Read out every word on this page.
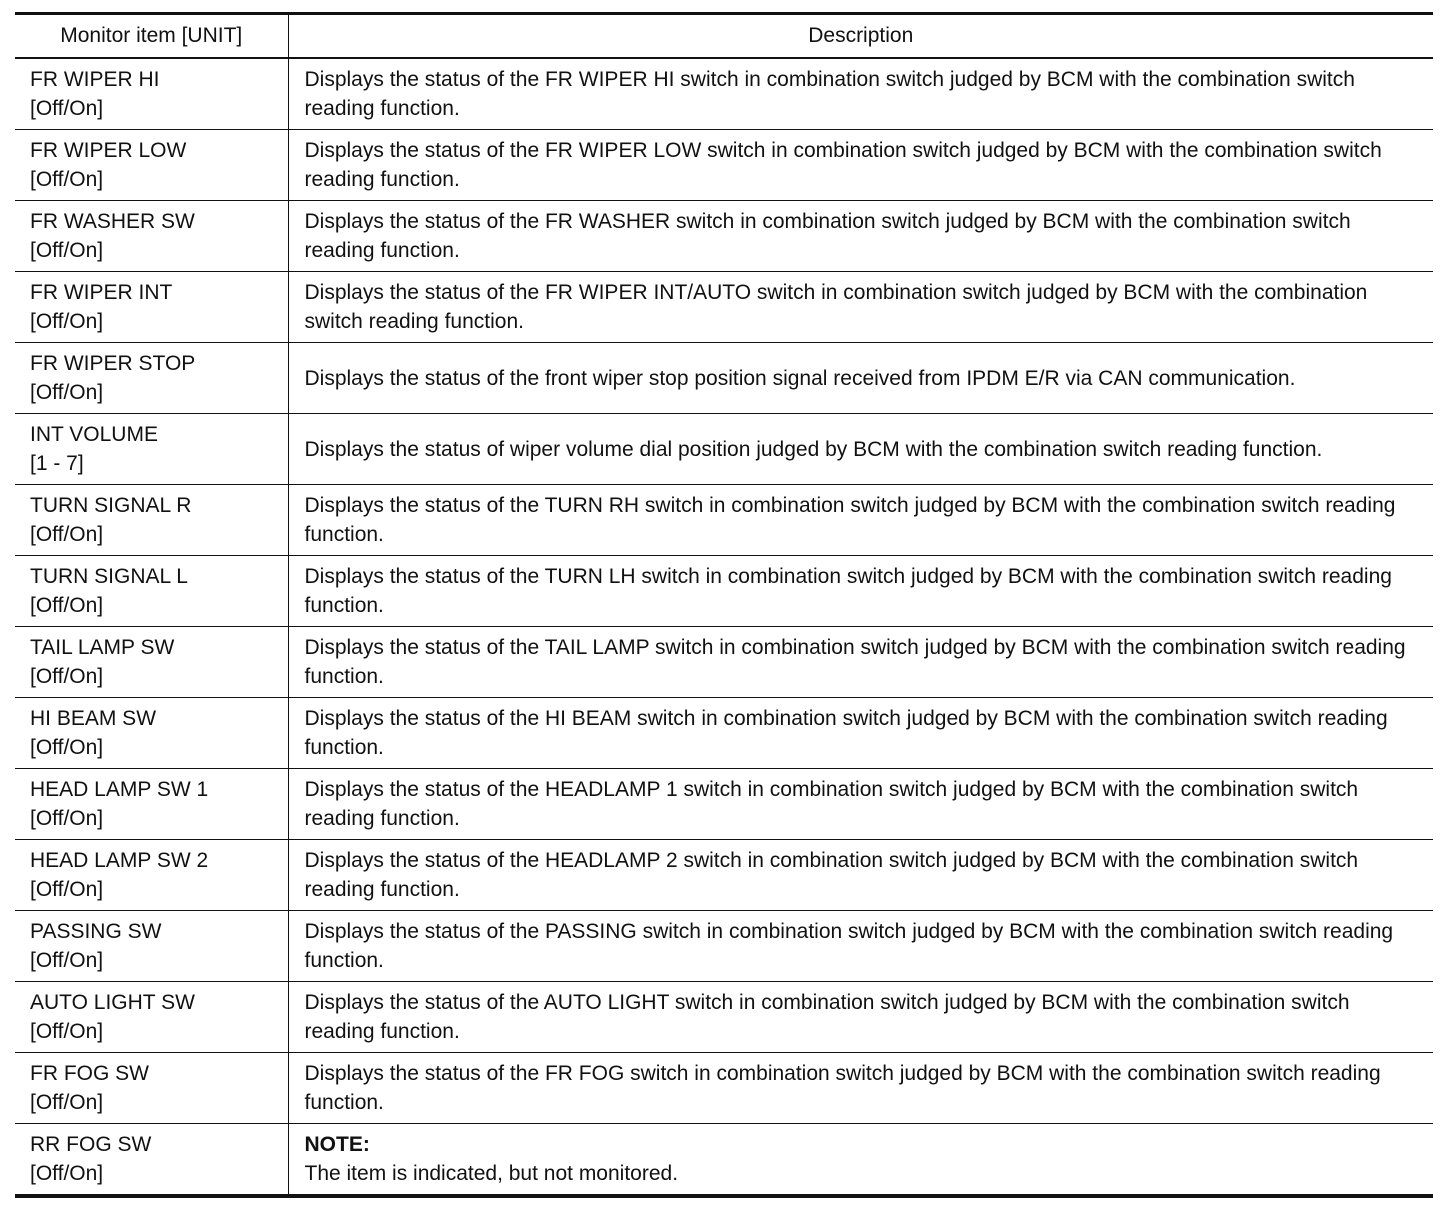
Monitor item [UNIT]	Description

FR WIPER HI
[Off/On]	Displays the status of the FR WIPER HI switch in combination switch judged by BCM with the combination switch reading function.

FR WIPER LOW
[Off/On]	Displays the status of the FR WIPER LOW switch in combination switch judged by BCM with the combination switch reading function.

FR WASHER SW
[Off/On]	Displays the status of the FR WASHER switch in combination switch judged by BCM with the combination switch reading function.

FR WIPER INT
[Off/On]	Displays the status of the FR WIPER INT/AUTO switch in combination switch judged by BCM with the combination switch reading function.

FR WIPER STOP
[Off/On]	Displays the status of the front wiper stop position signal received from IPDM E/R via CAN communication.

INT VOLUME
[1 - 7]	Displays the status of wiper volume dial position judged by BCM with the combination switch reading function.

TURN SIGNAL R
[Off/On]	Displays the status of the TURN RH switch in combination switch judged by BCM with the combination switch reading function.

TURN SIGNAL L
[Off/On]	Displays the status of the TURN LH switch in combination switch judged by BCM with the combination switch reading function.

TAIL LAMP SW
[Off/On]	Displays the status of the TAIL LAMP switch in combination switch judged by BCM with the combination switch reading function.

HI BEAM SW
[Off/On]	Displays the status of the HI BEAM switch in combination switch judged by BCM with the combination switch reading function.

HEAD LAMP SW 1
[Off/On]	Displays the status of the HEADLAMP 1 switch in combination switch judged by BCM with the combination switch reading function.

HEAD LAMP SW 2
[Off/On]	Displays the status of the HEADLAMP 2 switch in combination switch judged by BCM with the combination switch reading function.

PASSING SW
[Off/On]	Displays the status of the PASSING switch in combination switch judged by BCM with the combination switch reading function.

AUTO LIGHT SW
[Off/On]	Displays the status of the AUTO LIGHT switch in combination switch judged by BCM with the combination switch reading function.

FR FOG SW
[Off/On]	Displays the status of the FR FOG switch in combination switch judged by BCM with the combination switch reading function.

RR FOG SW
[Off/On]	NOTE:
The item is indicated, but not monitored.
